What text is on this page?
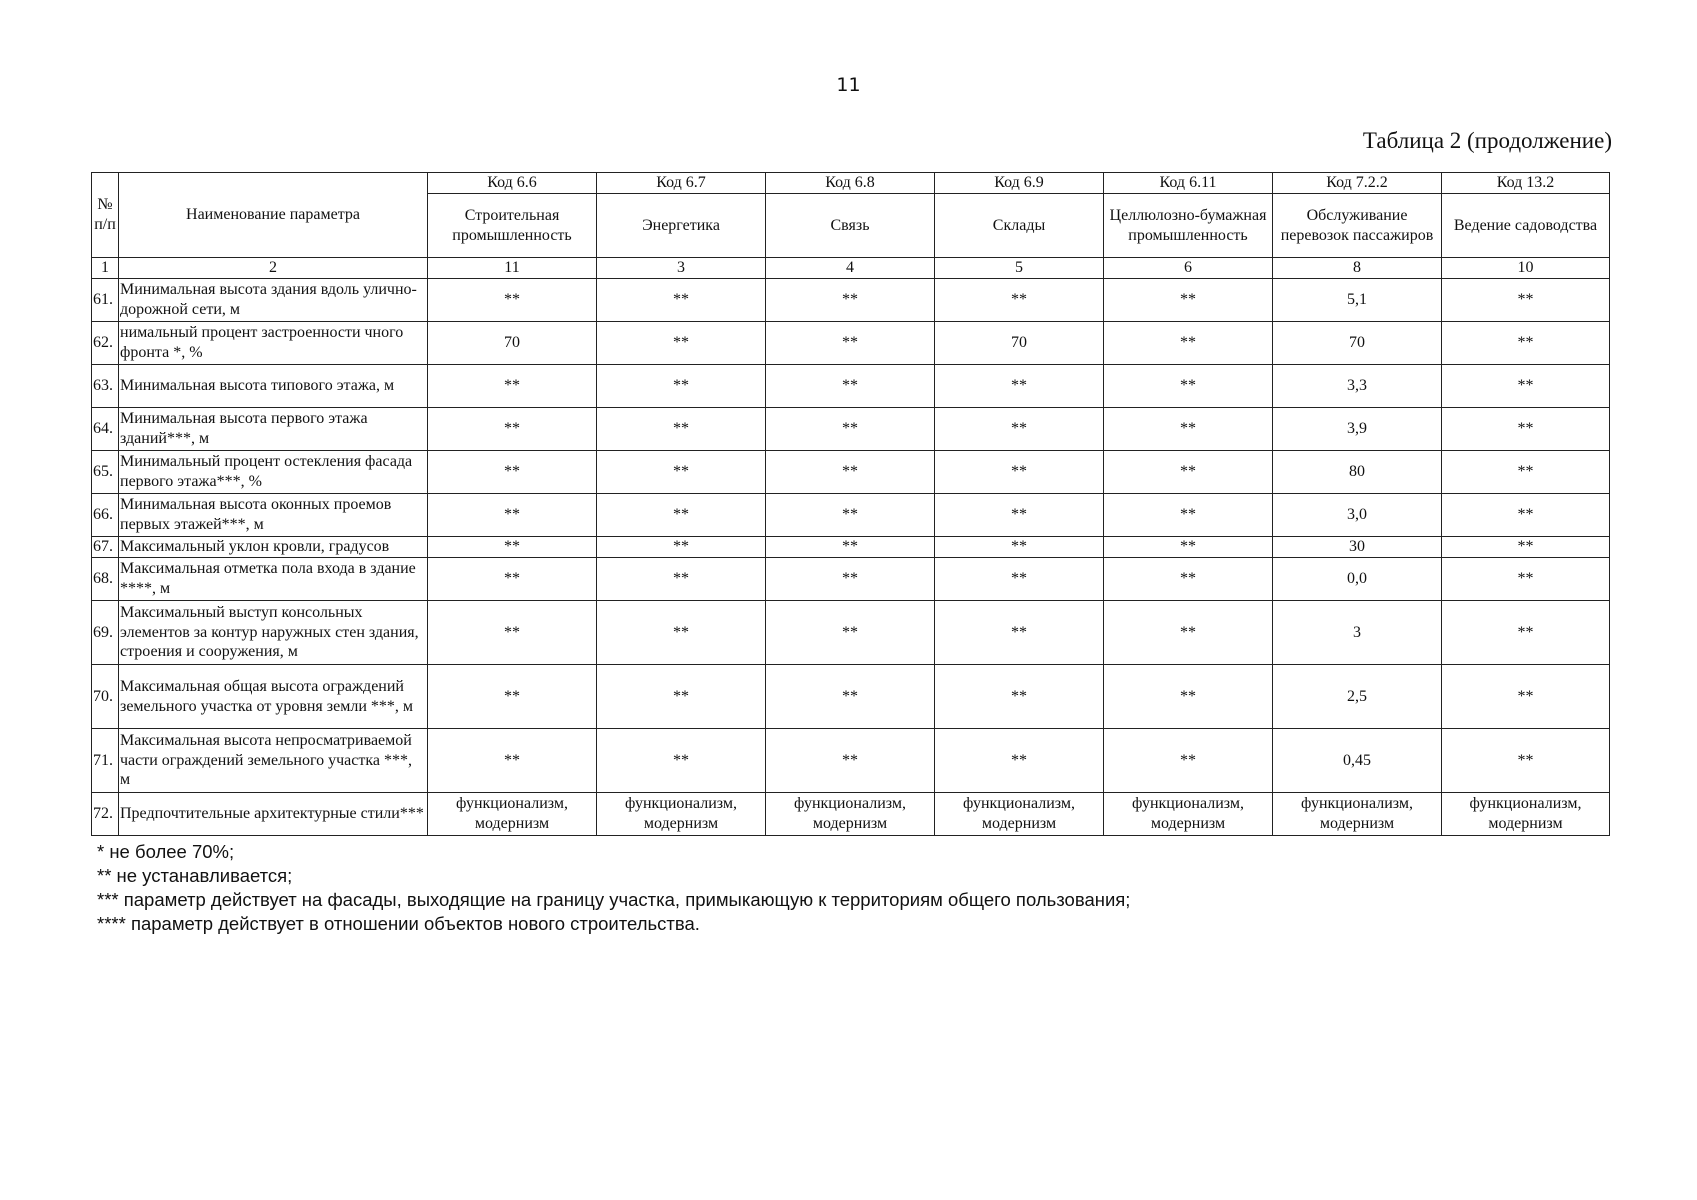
11
Таблица 2 (продолжение)
№ п/п	Наименование параметра	Код 6.6	Код 6.7	Код 6.8	Код 6.9	Код 6.11	Код 7.2.2	Код 13.2
		Строительная промышленность	Энергетика	Связь	Склады	Целлюлозно-бумажная промышленность	Обслуживание перевозок пассажиров	Ведение садоводства
1	2	11	3	4	5	6	8	10
61.	Минимальная высота здания вдоль улично-дорожной сети, м	**	**	**	**	**	5,1	**
62.	нимальный процент застроенности чного фронта *, %	70	**	**	70	**	70	**
63.	Минимальная высота типового этажа, м	**	**	**	**	**	3,3	**
64.	Минимальная высота первого этажа зданий***, м	**	**	**	**	**	3,9	**
65.	Минимальный процент остекления фасада первого этажа***, %	**	**	**	**	**	80	**
66.	Минимальная высота оконных проемов первых этажей***, м	**	**	**	**	**	3,0	**
67.	Максимальный уклон кровли, градусов	**	**	**	**	**	30	**
68.	Максимальная отметка пола входа в здание ****, м	**	**	**	**	**	0,0	**
69.	Максимальный выступ консольных элементов за контур наружных стен здания, строения и сооружения, м	**	**	**	**	**	3	**
70.	Максимальная общая высота ограждений земельного участка от уровня земли ***, м	**	**	**	**	**	2,5	**
71.	Максимальная высота непросматриваемой части ограждений земельного участка ***, м	**	**	**	**	**	0,45	**
72.	Предпочтительные архитектурные стили***	функционализм, модернизм	функционализм, модернизм	функционализм, модернизм	функционализм, модернизм	функционализм, модернизм	функционализм, модернизм	функционализм, модернизм
* не более 70%;
** не устанавливается;
*** параметр действует на фасады, выходящие на границу участка, примыкающую к территориям общего пользования;
**** параметр действует в отношении объектов нового строительства.
